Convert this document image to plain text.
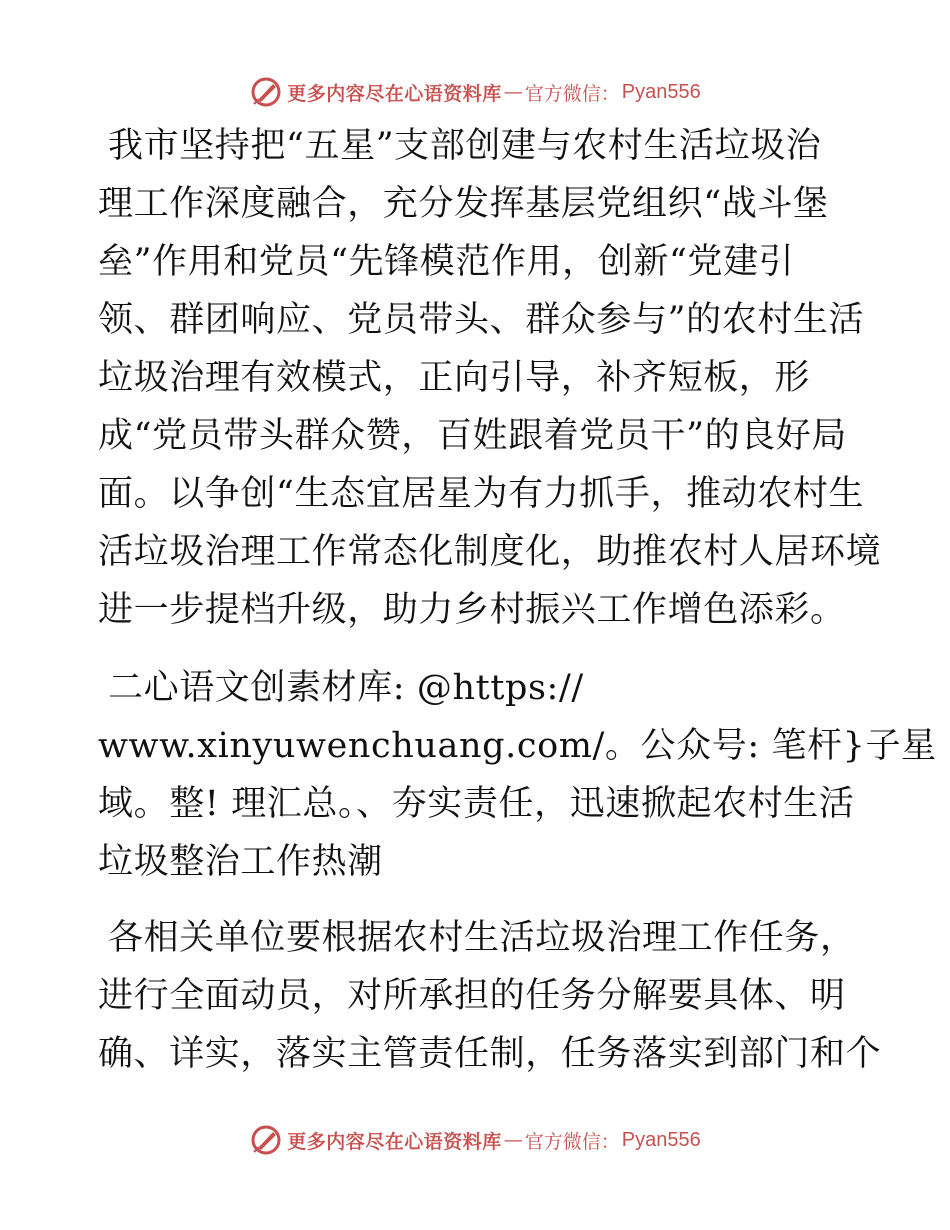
更多内容尽在心语资料库 — 官方微信： Pyan556
我市坚持把“五星”支部创建与农村生活垃圾治
理工作深度融合，充分发挥基层党组织“战斗堡
垒”作用和党员“先锋模范作用，创新“党建引
领、群团响应、党员带头、群众参与”的农村生活
垃圾治理有效模式，正向引导，补齐短板，形
成“党员带头群众赞，百姓跟着党员干”的良好局
面。以争创“生态宜居星为有力抓手，推动农村生
活垃圾治理工作常态化制度化，助推农村人居环境
进一步提档升级，助力乡村振兴工作增色添彩。
二心语文创素材库: @https://
www.xinyuwenchuang.com/。公众号: 笔杆}子星
域。整! 理汇总。、夯实责任，迅速掀起农村生活
垃圾整治工作热潮
各相关单位要根据农村生活垃圾治理工作任务，
进行全面动员，对所承担的任务分解要具体、明
确、详实，落实主管责任制，任务落实到部门和个
更多内容尽在心语资料库 — 官方微信： Pyan556
